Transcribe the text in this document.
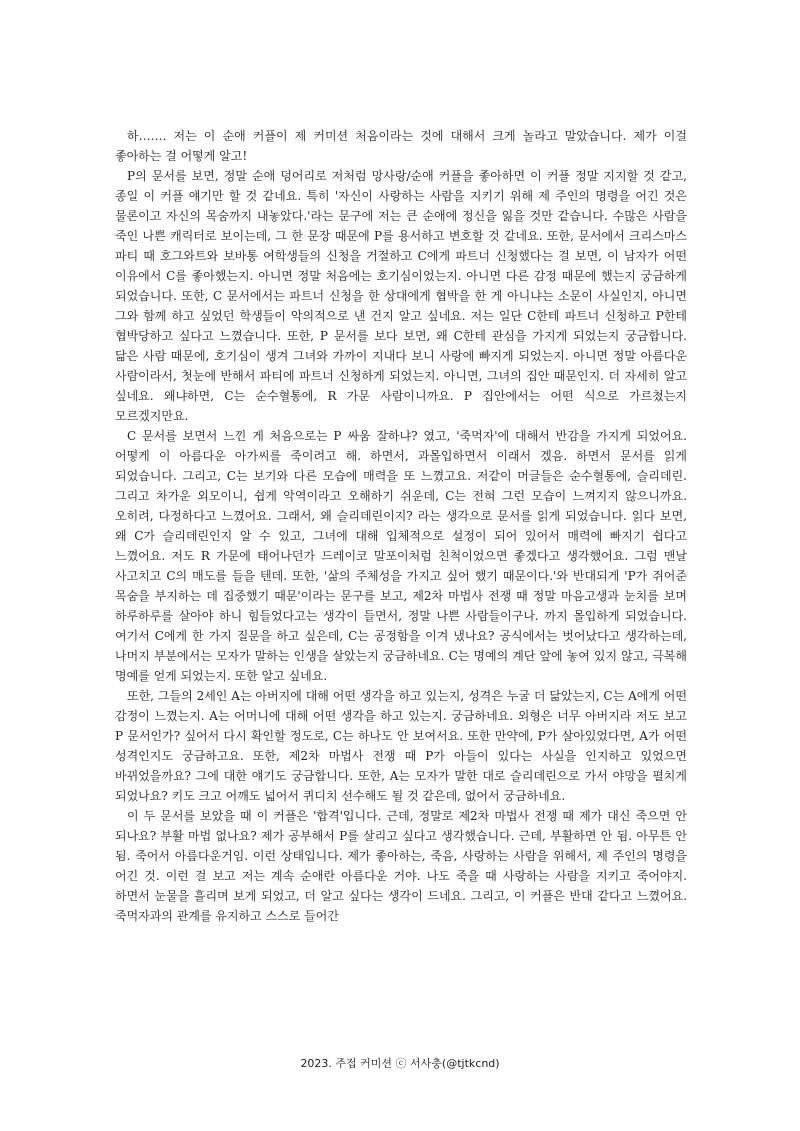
하……. 저는 이 순애 커플이 제 커미션 처음이라는 것에 대해서 크게 놀라고 말았습니다. 제가 이걸 좋아하는 걸 어떻게 알고!

P의 문서를 보면, 정말 순애 덩어리로 저처럼 망사랑/순애 커플을 좋아하면 이 커플 정말 지지할 것 같고, 종일 이 커플 얘기만 할 것 같네요. 특히 '자신이 사랑하는 사람을 지키기 위해 제 주인의 명령을 어긴 것은 물론이고 자신의 목숨까지 내놓았다.'라는 문구에 저는 큰 순애에 정신을 잃을 것만 같습니다. 수많은 사람을 죽인 나쁜 캐릭터로 보이는데, 그 한 문장 때문에 P를 용서하고 변호할 것 같네요. 또한, 문서에서 크리스마스 파티 때 호그와트와 보바통 여학생들의 신청을 거절하고 C에게 파트너 신청했다는 걸 보면, 이 남자가 어떤 이유에서 C를 좋아했는지. 아니면 정말 처음에는 호기심이었는지. 아니면 다른 감정 때문에 했는지 궁금하게 되었습니다. 또한, C 문서에서는 파트너 신청을 한 상대에게 협박을 한 게 아니냐는 소문이 사실인지, 아니면 그와 함께 하고 싶었던 학생들이 악의적으로 낸 건지 알고 싶네요. 저는 일단 C한테 파트너 신청하고 P한테 협박당하고 싶다고 느꼈습니다. 또한, P 문서를 보다 보면, 왜 C한테 관심을 가지게 되었는지 궁금합니다. 닮은 사람 때문에, 호기심이 생겨 그녀와 가까이 지내다 보니 사랑에 빠지게 되었는지. 아니면 정말 아름다운 사람이라서, 첫눈에 반해서 파티에 파트너 신청하게 되었는지. 아니면, 그녀의 집안 때문인지. 더 자세히 알고 싶네요. 왜냐하면, C는 순수혈통에, R 가문 사람이니까요. P 집안에서는 어떤 식으로 가르쳤는지 모르겠지만요.

C 문서를 보면서 느낀 게 처음으로는 P 싸움 잘하냐? 였고, '죽먹자'에 대해서 반감을 가지게 되었어요. 어떻게 이 아름다운 아가씨를 죽이려고 해. 하면서, 과몰입하면서 이래서 겠음. 하면서 문서를 읽게 되었습니다. 그리고, C는 보기와 다른 모습에 매력을 또 느꼈고요. 저같이 머글들은 순수혈통에, 슬리데린. 그리고 차가운 외모이니, 쉽게 악역이라고 오해하기 쉬운데, C는 전혀 그런 모습이 느껴지지 않으니까요. 오히려, 다정하다고 느꼈어요. 그래서, 왜 슬리데린이지? 라는 생각으로 문서를 읽게 되었습니다. 읽다 보면, 왜 C가 슬리데린인지 알 수 있고, 그녀에 대해 입체적으로 설정이 되어 있어서 매력에 빠지기 쉽다고 느꼈어요. 저도 R 가문에 태어나던가 드레이코 말포이처럼 친척이었으면 좋겠다고 생각했어요. 그럼 맨날 사고치고 C의 매도를 들을 텐데. 또한, '삶의 주체성을 가지고 싶어 했기 때문이다.'와 반대되게 'P가 쥐어준 목숨을 부지하는 데 집중했기 때문'이라는 문구를 보고, 제2차 마법사 전쟁 때 정말 마음고생과 눈치를 보며 하루하루를 살아야 하니 힘들었다고는 생각이 들면서, 정말 나쁜 사람들이구나. 까지 몰입하게 되었습니다. 여기서 C에게 한 가지 질문을 하고 싶은데, C는 공정함을 이겨 냈나요? 공식에서는 벗어났다고 생각하는데, 나머지 부분에서는 모자가 말하는 인생을 살았는지 궁금하네요. C는 명예의 계단 앞에 놓여 있지 않고, 극복해 명예를 얻게 되었는지. 또한 알고 싶네요.

또한, 그들의 2세인 A는 아버지에 대해 어떤 생각을 하고 있는지, 성격은 누굴 더 닮았는지, C는 A에게 어떤 감정이 느꼈는지. A는 어머니에 대해 어떤 생각을 하고 있는지. 궁금하네요. 외형은 너무 아버지라 저도 보고 P 문서인가? 싶어서 다시 확인할 정도로, C는 하나도 안 보여서요. 또한 만약에, P가 살아있었다면, A가 어떤 성격인지도 궁금하고요. 또한, 제2차 마법사 전쟁 때 P가 아들이 있다는 사실을 인지하고 있었으면 바뀌었을까요? 그에 대한 얘기도 궁금합니다. 또한, A는 모자가 말한 대로 슬리데린으로 가서 야망을 펼치게 되었나요? 키도 크고 어깨도 넓어서 퀴디치 선수해도 될 것 같은데, 없어서 궁금하네요.

이 두 문서를 보았을 때 이 커플은 '합격'입니다. 근데, 정말로 제2차 마법사 전쟁 때 제가 대신 죽으면 안 되나요? 부활 마법 없나요? 제가 공부해서 P를 살리고 싶다고 생각했습니다. 근데, 부활하면 안 됨. 아무튼 안 됨. 죽어서 아름다운거임. 이런 상태입니다. 제가 좋아하는, 죽음, 사랑하는 사람을 위해서, 제 주인의 명령을 어긴 것. 이런 걸 보고 저는 계속 순애란 아름다운 거야. 나도 죽을 때 사랑하는 사람을 지키고 죽어야지. 하면서 눈물을 흘리며 보게 되었고, 더 알고 싶다는 생각이 드네요. 그리고, 이 커플은 반대 같다고 느꼈어요. 죽먹자과의 관계를 유지하고 스스로 들어간

2023. 주접 커미션 ⓒ 서사충(@tjtkcnd)
